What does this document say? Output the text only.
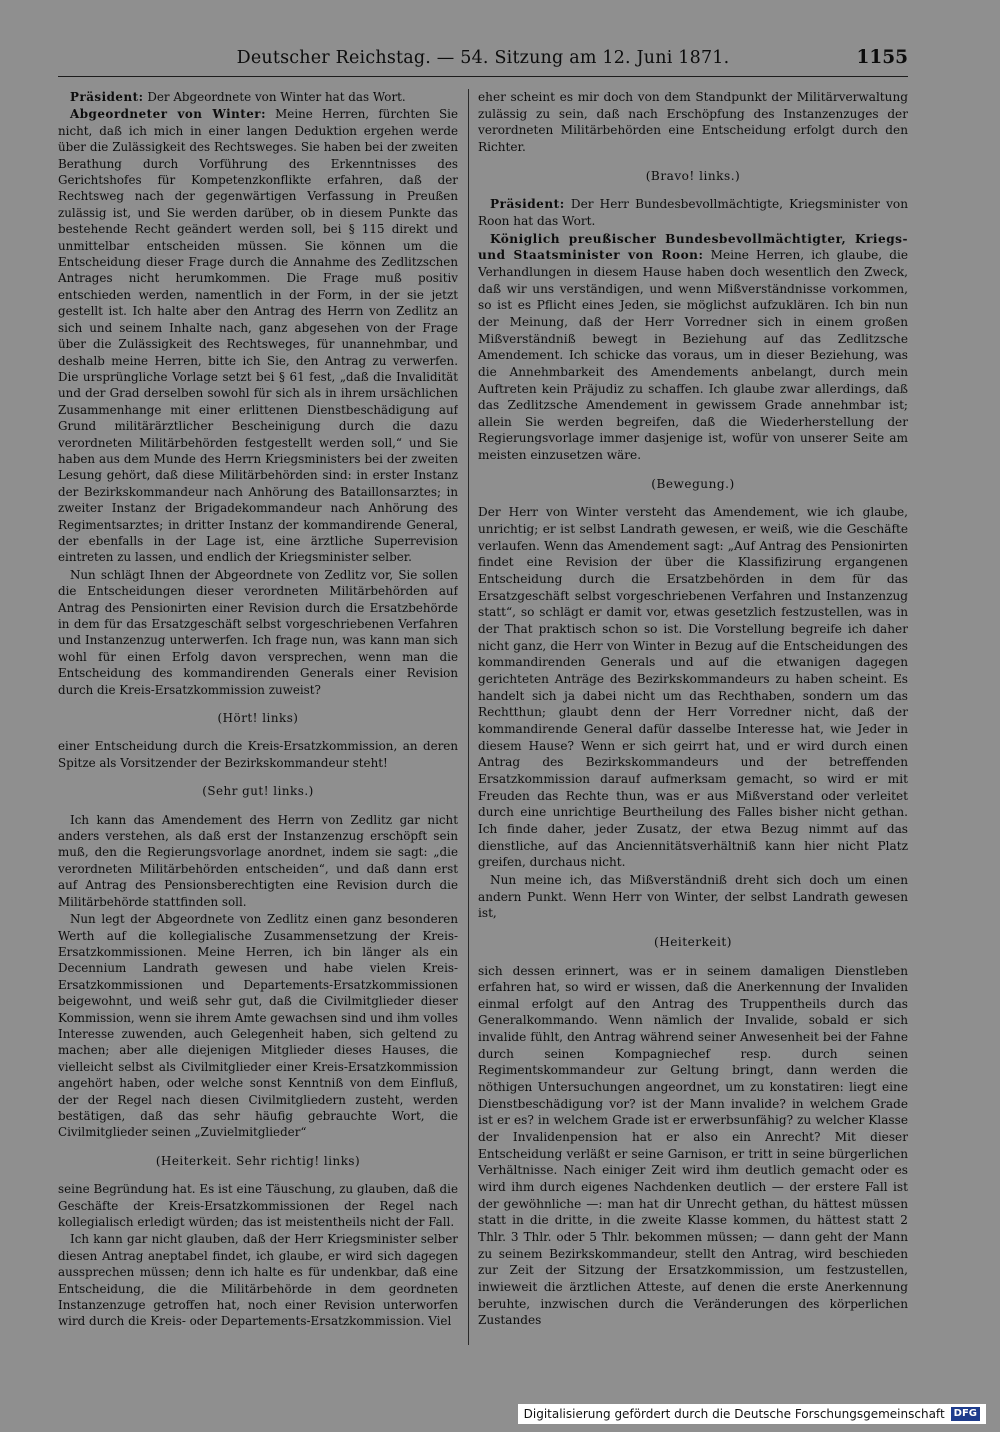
Deutscher Reichstag. — 54. Sitzung am 12. Juni 1871.	1155

Präsident: Der Abgeordnete von Winter hat das Wort.

Abgeordneter von Winter: Meine Herren, fürchten Sie nicht, daß ich mich in einer langen Deduktion ergehen werde über die Zulässigkeit des Rechtsweges. Sie haben bei der zweiten Berathung durch Vorführung des Erkenntnisses des Gerichtshofes für Kompetenzkonflikte erfahren, daß der Rechtsweg nach der gegenwärtigen Verfassung in Preußen zulässig ist, und Sie werden darüber, ob in diesem Punkte das bestehende Recht geändert werden soll, bei § 115 direkt und unmittelbar entscheiden müssen. Sie können um die Entscheidung dieser Frage durch die Annahme des Zedlitzschen Antrages nicht herumkommen. Die Frage muß positiv entschieden werden, namentlich in der Form, in der sie jetzt gestellt ist. Ich halte aber den Antrag des Herrn von Zedlitz an sich und seinem Inhalte nach, ganz abgesehen von der Frage über die Zulässigkeit des Rechtsweges, für unannehmbar, und deshalb meine Herren, bitte ich Sie, den Antrag zu verwerfen. Die ursprüngliche Vorlage setzt bei § 61 fest, „daß die Invalidität und der Grad derselben sowohl für sich als in ihrem ursächlichen Zusammenhange mit einer erlittenen Dienstbeschädigung auf Grund militärärztlicher Bescheinigung durch die dazu verordneten Militärbehörden festgestellt werden soll,“ und Sie haben aus dem Munde des Herrn Kriegsministers bei der zweiten Lesung gehört, daß diese Militärbehörden sind: in erster Instanz der Bezirkskommandeur nach Anhörung des Bataillonsarztes; in zweiter Instanz der Brigadekommandeur nach Anhörung des Regimentsarztes; in dritter Instanz der kommandirende General, der ebenfalls in der Lage ist, eine ärztliche Superrevision eintreten zu lassen, und endlich der Kriegsminister selber.

Nun schlägt Ihnen der Abgeordnete von Zedlitz vor, Sie sollen die Entscheidungen dieser verordneten Militärbehörden auf Antrag des Pensionirten einer Revision durch die Ersatzbehörde in dem für das Ersatzgeschäft selbst vorgeschriebenen Verfahren und Instanzenzug unterwerfen. Ich frage nun, was kann man sich wohl für einen Erfolg davon versprechen, wenn man die Entscheidung des kommandirenden Generals einer Revision durch die Kreis-Ersatzkommission zuweist?

(Hört! links)

einer Entscheidung durch die Kreis-Ersatzkommission, an deren Spitze als Vorsitzender der Bezirkskommandeur steht!

(Sehr gut! links.)

Ich kann das Amendement des Herrn von Zedlitz gar nicht anders verstehen, als daß erst der Instanzenzug erschöpft sein muß, den die Regierungsvorlage anordnet, indem sie sagt: „die verordneten Militärbehörden entscheiden“, und daß dann erst auf Antrag des Pensionsberechtigten eine Revision durch die Militärbehörde stattfinden soll.

Nun legt der Abgeordnete von Zedlitz einen ganz besonderen Werth auf die kollegialische Zusammensetzung der Kreis-Ersatzkommissionen. Meine Herren, ich bin länger als ein Decennium Landrath gewesen und habe vielen Kreis-Ersatzkommissionen und Departements-Ersatzkommissionen beigewohnt, und weiß sehr gut, daß die Civilmitglieder dieser Kommission, wenn sie ihrem Amte gewachsen sind und ihm volles Interesse zuwenden, auch Gelegenheit haben, sich geltend zu machen; aber alle diejenigen Mitglieder dieses Hauses, die vielleicht selbst als Civilmitglieder einer Kreis-Ersatzkommission angehört haben, oder welche sonst Kenntniß von dem Einfluß, der der Regel nach diesen Civilmitgliedern zusteht, werden bestätigen, daß das sehr häufig gebrauchte Wort, die Civilmitglieder seinen „Zuvielmitglieder“

(Heiterkeit. Sehr richtig! links)

seine Begründung hat. Es ist eine Täuschung, zu glauben, daß die Geschäfte der Kreis-Ersatzkommissionen der Regel nach kollegialisch erledigt würden; das ist meistentheils nicht der Fall.

Ich kann gar nicht glauben, daß der Herr Kriegsminister selber diesen Antrag aneptabel findet, ich glaube, er wird sich dagegen aussprechen müssen; denn ich halte es für undenkbar, daß eine Entscheidung, die die Militärbehörde in dem geordneten Instanzenzuge getroffen hat, noch einer Revision unterworfen wird durch die Kreis- oder Departements-Ersatzkommission. Viel

eher scheint es mir doch von dem Standpunkt der Militärverwaltung zulässig zu sein, daß nach Erschöpfung des Instanzenzuges der verordneten Militärbehörden eine Entscheidung erfolgt durch den Richter.

(Bravo! links.)

Präsident: Der Herr Bundesbevollmächtigte, Kriegsminister von Roon hat das Wort.

Königlich preußischer Bundesbevollmächtigter, Kriegs- und Staatsminister von Roon: Meine Herren, ich glaube, die Verhandlungen in diesem Hause haben doch wesentlich den Zweck, daß wir uns verständigen, und wenn Mißverständnisse vorkommen, so ist es Pflicht eines Jeden, sie möglichst aufzuklären. Ich bin nun der Meinung, daß der Herr Vorredner sich in einem großen Mißverständniß bewegt in Beziehung auf das Zedlitzsche Amendement. Ich schicke das voraus, um in dieser Beziehung, was die Annehmbarkeit des Amendements anbelangt, durch mein Auftreten kein Präjudiz zu schaffen. Ich glaube zwar allerdings, daß das Zedlitzsche Amendement in gewissem Grade annehmbar ist; allein Sie werden begreifen, daß die Wiederherstellung der Regierungsvorlage immer dasjenige ist, wofür von unserer Seite am meisten einzusetzen wäre.

(Bewegung.)

Der Herr von Winter versteht das Amendement, wie ich glaube, unrichtig; er ist selbst Landrath gewesen, er weiß, wie die Geschäfte verlaufen. Wenn das Amendement sagt: „Auf Antrag des Pensionirten findet eine Revision der über die Klassifizirung ergangenen Entscheidung durch die Ersatzbehörden in dem für das Ersatzgeschäft selbst vorgeschriebenen Verfahren und Instanzenzug statt“, so schlägt er damit vor, etwas gesetzlich festzustellen, was in der That praktisch schon so ist. Die Vorstellung begreife ich daher nicht ganz, die Herr von Winter in Bezug auf die Entscheidungen des kommandirenden Generals und auf die etwanigen dagegen gerichteten Anträge des Bezirkskommandeurs zu haben scheint. Es handelt sich ja dabei nicht um das Rechthaben, sondern um das Rechtthun; glaubt denn der Herr Vorredner nicht, daß der kommandirende General dafür dasselbe Interesse hat, wie Jeder in diesem Hause? Wenn er sich geirrt hat, und er wird durch einen Antrag des Bezirkskommandeurs und der betreffenden Ersatzkommission darauf aufmerksam gemacht, so wird er mit Freuden das Rechte thun, was er aus Mißverstand oder verleitet durch eine unrichtige Beurtheilung des Falles bisher nicht gethan. Ich finde daher, jeder Zusatz, der etwa Bezug nimmt auf das dienstliche, auf das Anciennitätsverhältniß kann hier nicht Platz greifen, durchaus nicht.

Nun meine ich, das Mißverständniß dreht sich doch um einen andern Punkt. Wenn Herr von Winter, der selbst Landrath gewesen ist,

(Heiterkeit)

sich dessen erinnert, was er in seinem damaligen Dienstleben erfahren hat, so wird er wissen, daß die Anerkennung der Invaliden einmal erfolgt auf den Antrag des Truppentheils durch das Generalkommando. Wenn nämlich der Invalide, sobald er sich invalide fühlt, den Antrag während seiner Anwesenheit bei der Fahne durch seinen Kompagniechef resp. durch seinen Regimentskommandeur zur Geltung bringt, dann werden die nöthigen Untersuchungen angeordnet, um zu konstatiren: liegt eine Dienstbeschädigung vor? ist der Mann invalide? in welchem Grade ist er es? in welchem Grade ist er erwerbsunfähig? zu welcher Klasse der Invalidenpension hat er also ein Anrecht? Mit dieser Entscheidung verläßt er seine Garnison, er tritt in seine bürgerlichen Verhältnisse. Nach einiger Zeit wird ihm deutlich gemacht oder es wird ihm durch eigenes Nachdenken deutlich — der erstere Fall ist der gewöhnliche —: man hat dir Unrecht gethan, du hättest müssen statt in die dritte, in die zweite Klasse kommen, du hättest statt 2 Thlr. 3 Thlr. oder 5 Thlr. bekommen müssen; — dann geht der Mann zu seinem Bezirkskommandeur, stellt den Antrag, wird beschieden zur Zeit der Sitzung der Ersatzkommission, um festzustellen, inwieweit die ärztlichen Atteste, auf denen die erste Anerkennung beruhte, inzwischen durch die Veränderungen des körperlichen Zustandes

Digitalisierung gefördert durch die Deutsche Forschungsgemeinschaft DFG
